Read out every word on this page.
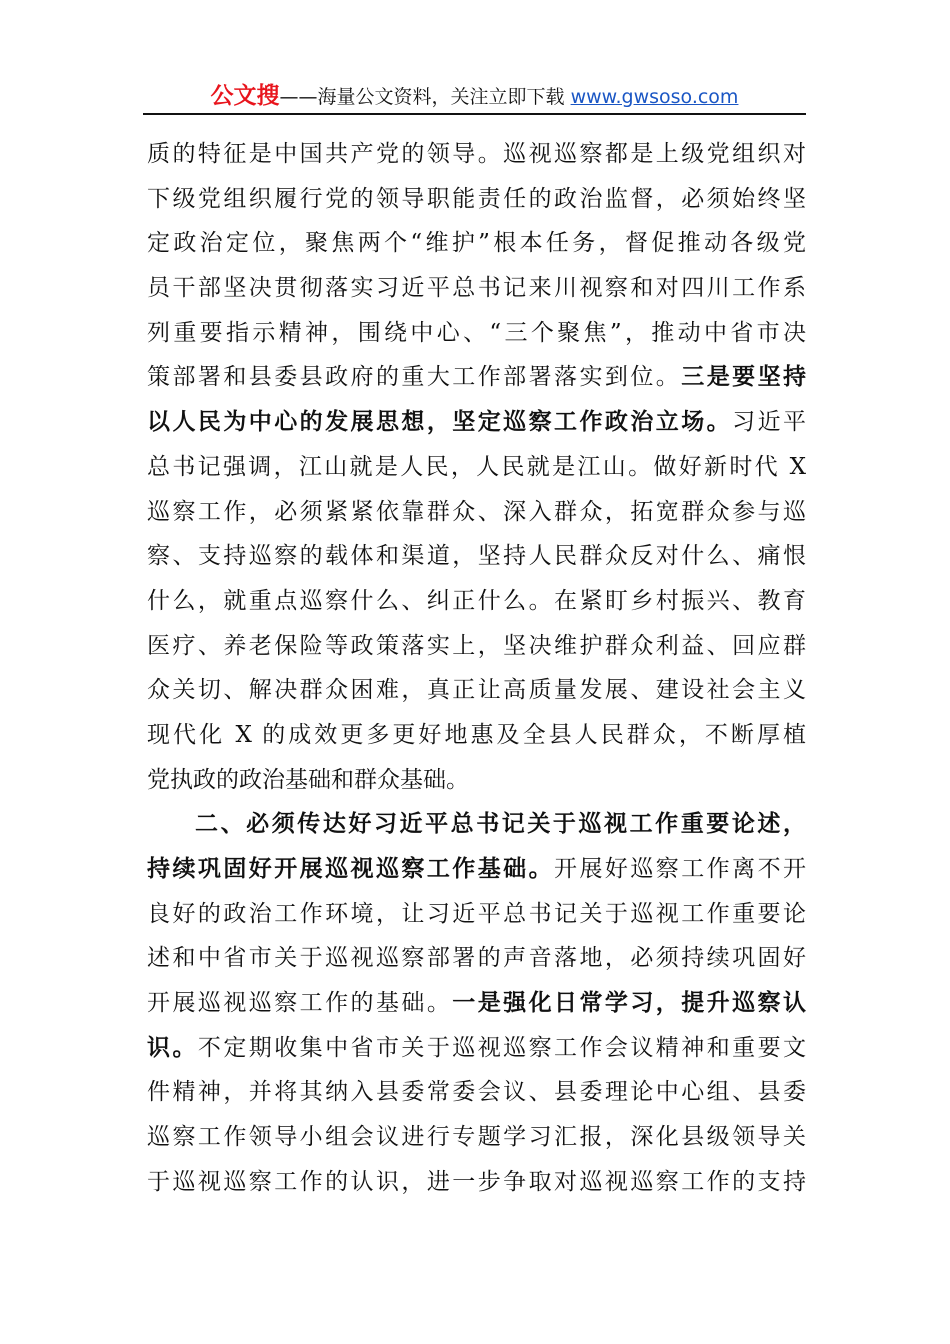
公文搜——海量公文资料，关注立即下载 www.gwsoso.com
质的特征是中国共产党的领导。巡视巡察都是上级党组织对
下级党组织履行党的领导职能责任的政治监督，必须始终坚
定政治定位，聚焦两个“维护”根本任务，督促推动各级党
员干部坚决贯彻落实习近平总书记来川视察和对四川工作系
列重要指示精神，围绕中心、“三个聚焦”，推动中省市决
策部署和县委县政府的重大工作部署落实到位。三是要坚持
以人民为中心的发展思想，坚定巡察工作政治立场。习近平
总书记强调，江山就是人民，人民就是江山。做好新时代 X
巡察工作，必须紧紧依靠群众、深入群众，拓宽群众参与巡
察、支持巡察的载体和渠道，坚持人民群众反对什么、痛恨
什么，就重点巡察什么、纠正什么。在紧盯乡村振兴、教育
医疗、养老保险等政策落实上，坚决维护群众利益、回应群
众关切、解决群众困难，真正让高质量发展、建设社会主义
现代化 X 的成效更多更好地惠及全县人民群众，不断厚植
党执政的政治基础和群众基础。
二、必须传达好习近平总书记关于巡视工作重要论述，
持续巩固好开展巡视巡察工作基础。开展好巡察工作离不开
良好的政治工作环境，让习近平总书记关于巡视工作重要论
述和中省市关于巡视巡察部署的声音落地，必须持续巩固好
开展巡视巡察工作的基础。一是强化日常学习，提升巡察认
识。不定期收集中省市关于巡视巡察工作会议精神和重要文
件精神，并将其纳入县委常委会议、县委理论中心组、县委
巡察工作领导小组会议进行专题学习汇报，深化县级领导关
于巡视巡察工作的认识，进一步争取对巡视巡察工作的支持
